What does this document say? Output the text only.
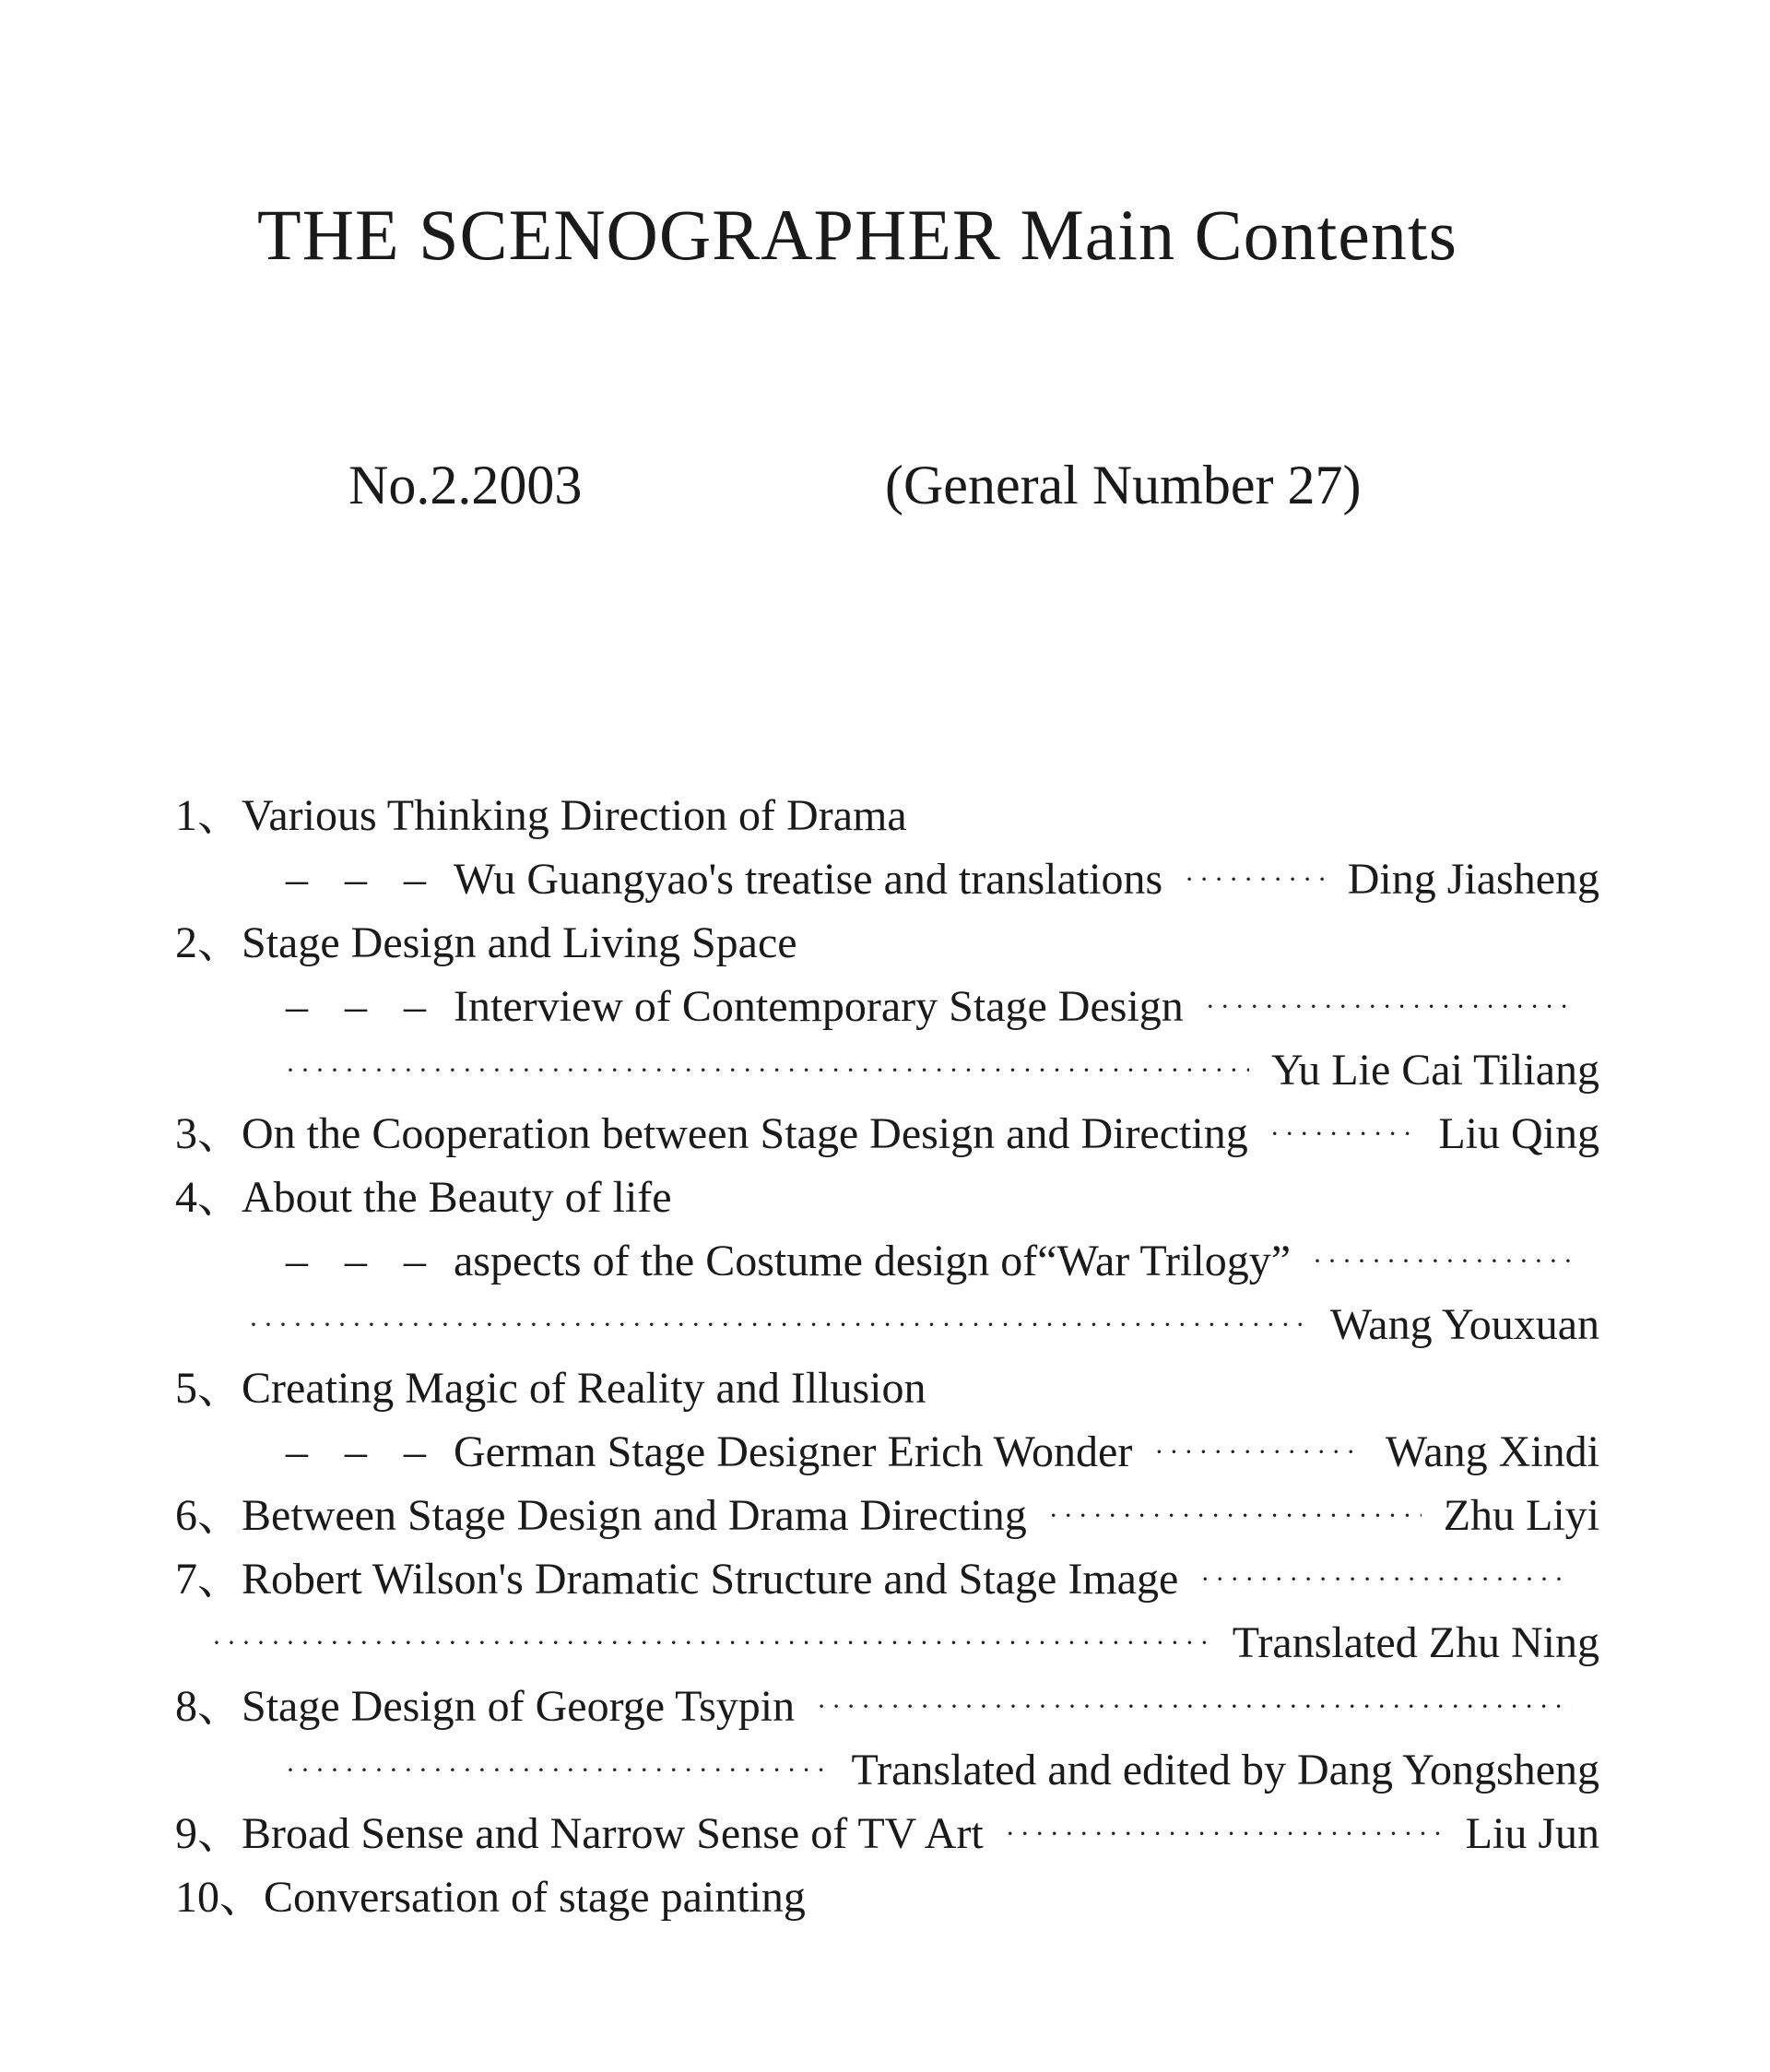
THE SCENOGRAPHER Main Contents
No.2.2003	(General Number 27)
1、 Various Thinking Direction of Drama
– – – Wu Guangyao's treatise and translations ·····	Ding Jiasheng
2、 Stage Design and Living Space
– – – Interview of Contemporary Stage Design
·····
·····
Yu Lie Cai Tiliang
3、 On the Cooperation between Stage Design and Directing ·····	Liu Qing
4、 About the Beauty of life
– – – aspects of the Costume design of“War Trilogy”
·····
·····
Wang Youxuan
5、 Creating Magic of Reality and Illusion
– – – German Stage Designer Erich Wonder ·····	Wang Xindi
6、 Between Stage Design and Drama Directing ·····	Zhu Liyi
7、 Robert Wilson's Dramatic Structure and Stage Image
·····
·····
Translated Zhu Ning
8、 Stage Design of George Tsypin
·····
·····
Translated and edited by Dang Yongsheng
9、 Broad Sense and Narrow Sense of TV Art ·····	Liu Jun
10、 Conversation of stage painting
